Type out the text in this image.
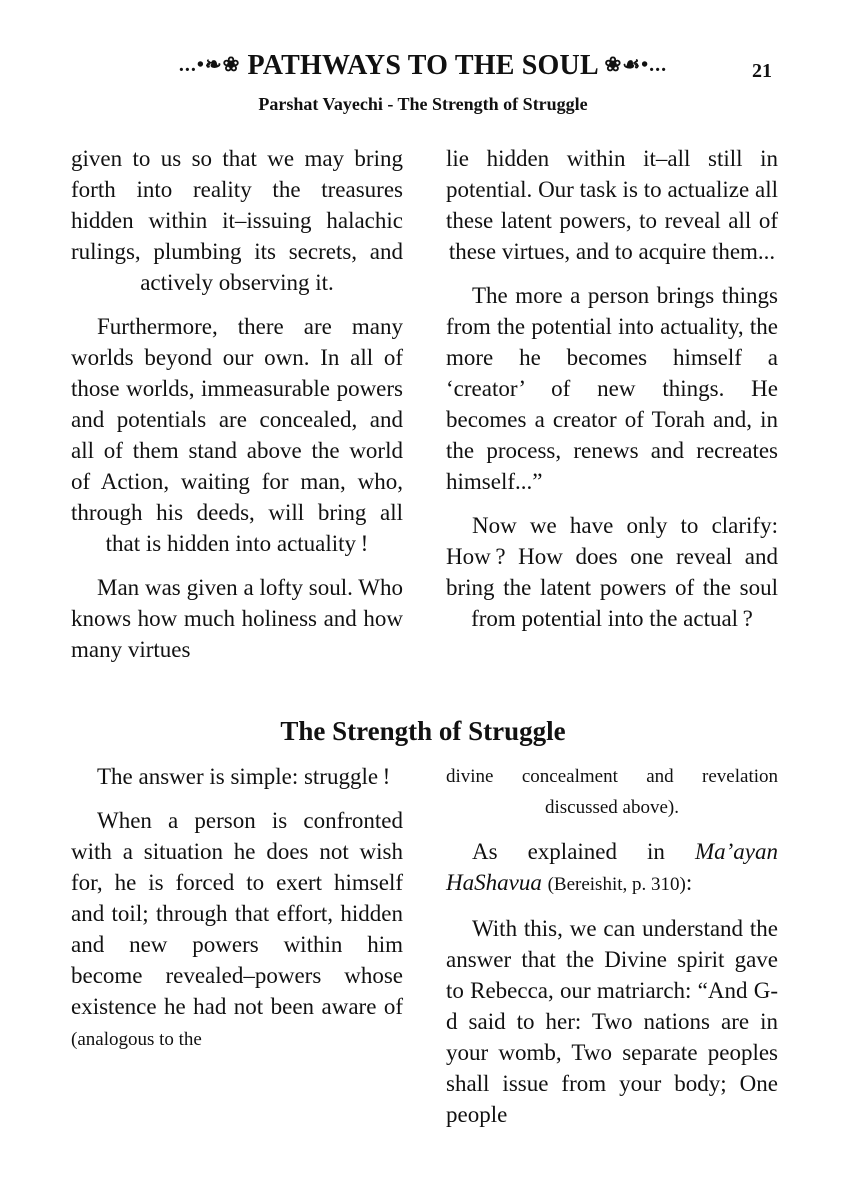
...•❧❀ PATHWAYS TO THE SOUL ❀☙•...	21
Parshat Vayechi - The Strength of Struggle

given to us so that we may bring forth into reality the treasures hidden within it–issuing halachic rulings, plumbing its secrets, and actively observing it.

Furthermore, there are many worlds beyond our own. In all of those worlds, immeasurable powers and potentials are concealed, and all of them stand above the world of Action, waiting for man, who, through his deeds, will bring all that is hidden into actuality !

Man was given a lofty soul. Who knows how much holiness and how many virtues

lie hidden within it–all still in potential. Our task is to actualize all these latent powers, to reveal all of these virtues, and to acquire them...

The more a person brings things from the potential into actuality, the more he becomes himself a ‘creator’ of new things. He becomes a creator of Torah and, in the process, renews and recreates himself...”

Now we have only to clarify: How ? How does one reveal and bring the latent powers of the soul from potential into the actual ?

The Strength of Struggle

The answer is simple: struggle !

When a person is confronted with a situation he does not wish for, he is forced to exert himself and toil; through that effort, hidden and new powers within him become revealed–powers whose existence he had not been aware of (analogous to the

divine concealment and revelation discussed above).

As explained in Ma’ayan HaShavua (Bereishit, p. 310):

With this, we can understand the answer that the Divine spirit gave to Rebecca, our matriarch: “And G-d said to her: Two nations are in your womb, Two separate peoples shall issue from your body; One people
